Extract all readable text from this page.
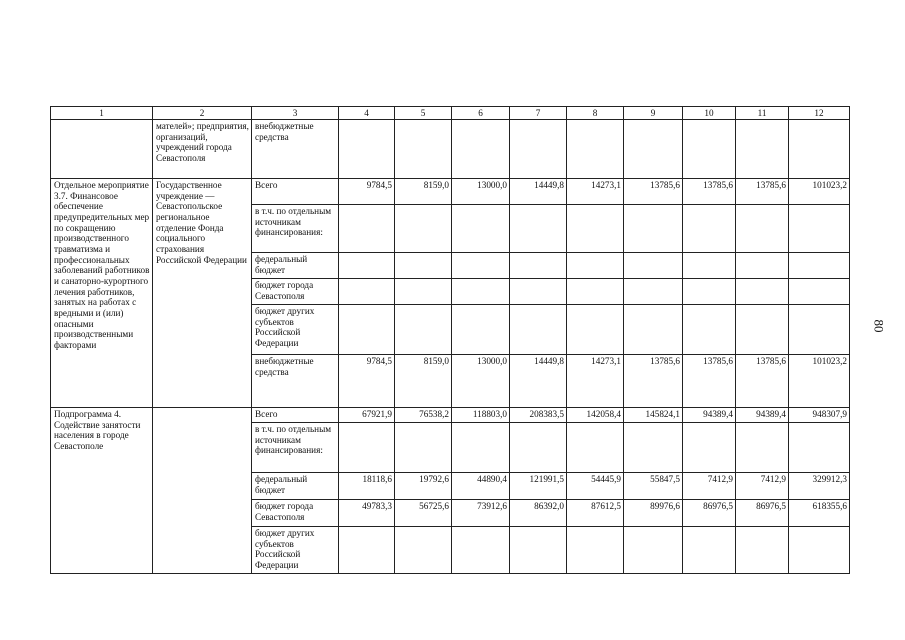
1	2	3	4	5	6	7	8	9	10	11	12
	мателей»; предприятия, организаций, учреждений города Севастополя	внебюджетные средства									
Отдельное мероприятие 3.7. Финансовое обеспечение предупредительных мер по сокращению производственного травматизма и профессиональных заболеваний работников и санаторно-курортного лечения работников, занятых на работах с вредными и (или) опасными производственными факторами	Государственное учреждение — Севастопольское региональное отделение Фонда социального страхования Российской Федерации	Всего	9784,5	8159,0	13000,0	14449,8	14273,1	13785,6	13785,6	13785,6	101023,2
		в т.ч. по отдельным источникам финансирования:									
		федеральный бюджет									
		бюджет города Севастополя									
		бюджет других субъектов Российской Федерации									
		внебюджетные средства	9784,5	8159,0	13000,0	14449,8	14273,1	13785,6	13785,6	13785,6	101023,2
Подпрограмма 4. Содействие занятости населения в городе Севастополе		Всего	67921,9	76538,2	118803,0	208383,5	142058,4	145824,1	94389,4	94389,4	948307,9
		в т.ч. по отдельным источникам финансирования:									
		федеральный бюджет	18118,6	19792,6	44890,4	121991,5	54445,9	55847,5	7412,9	7412,9	329912,3
		бюджет города Севастополя	49783,3	56725,6	73912,6	86392,0	87612,5	89976,6	86976,5	86976,5	618355,6
		бюджет других субъектов Российской Федерации									
80
